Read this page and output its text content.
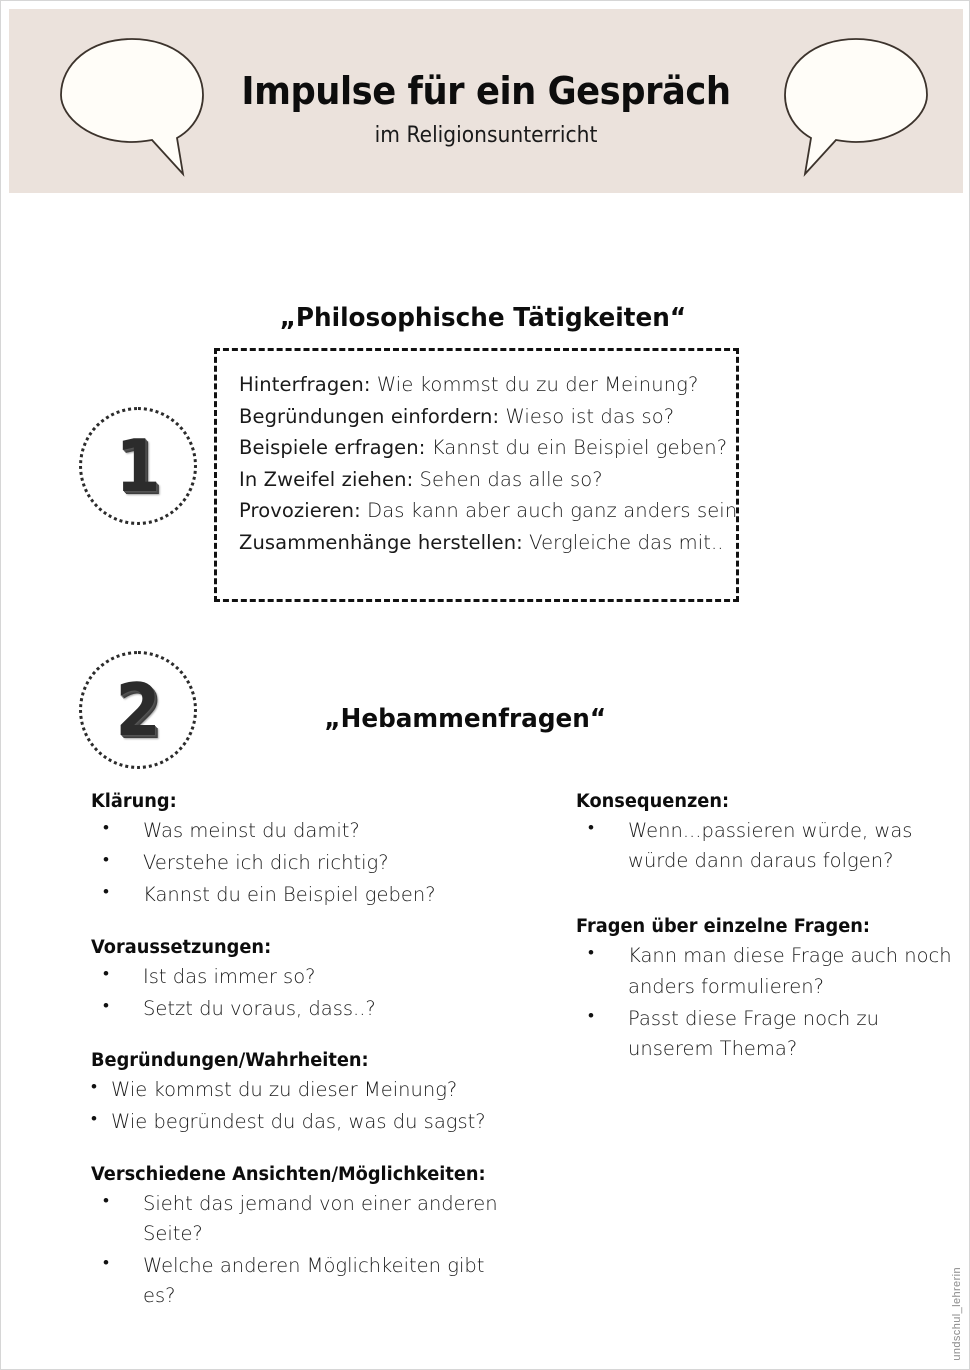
Impulse für ein Gespräch
im Religionsunterricht
1
„Philosophische Tätigkeiten“
Hinterfragen: Wie kommst du zu der Meinung?
Begründungen einfordern: Wieso ist das so?
Beispiele erfragen: Kannst du ein Beispiel geben?
In Zweifel ziehen: Sehen das alle so?
Provozieren: Das kann aber auch ganz anders sein
Zusammenhänge herstellen: Vergleiche das mit..
2	„Hebammenfragen“
Klärung:
• Was meinst du damit?
• Verstehe ich dich richtig?
• Kannst du ein Beispiel geben?
Voraussetzungen:
• Ist das immer so?
• Setzt du voraus, dass..?
Begründungen/Wahrheiten:
• Wie kommst du zu dieser Meinung?
• Wie begründest du das, was du sagst?
Verschiedene Ansichten/Möglichkeiten:
• Sieht das jemand von einer anderen Seite?
• Welche anderen Möglichkeiten gibt es?
Konsequenzen:
• Wenn...passieren würde, was würde dann daraus folgen?
Fragen über einzelne Fragen:
• Kann man diese Frage auch noch anders formulieren?
• Passt diese Frage noch zu unserem Thema?
undschul_lehrerin
